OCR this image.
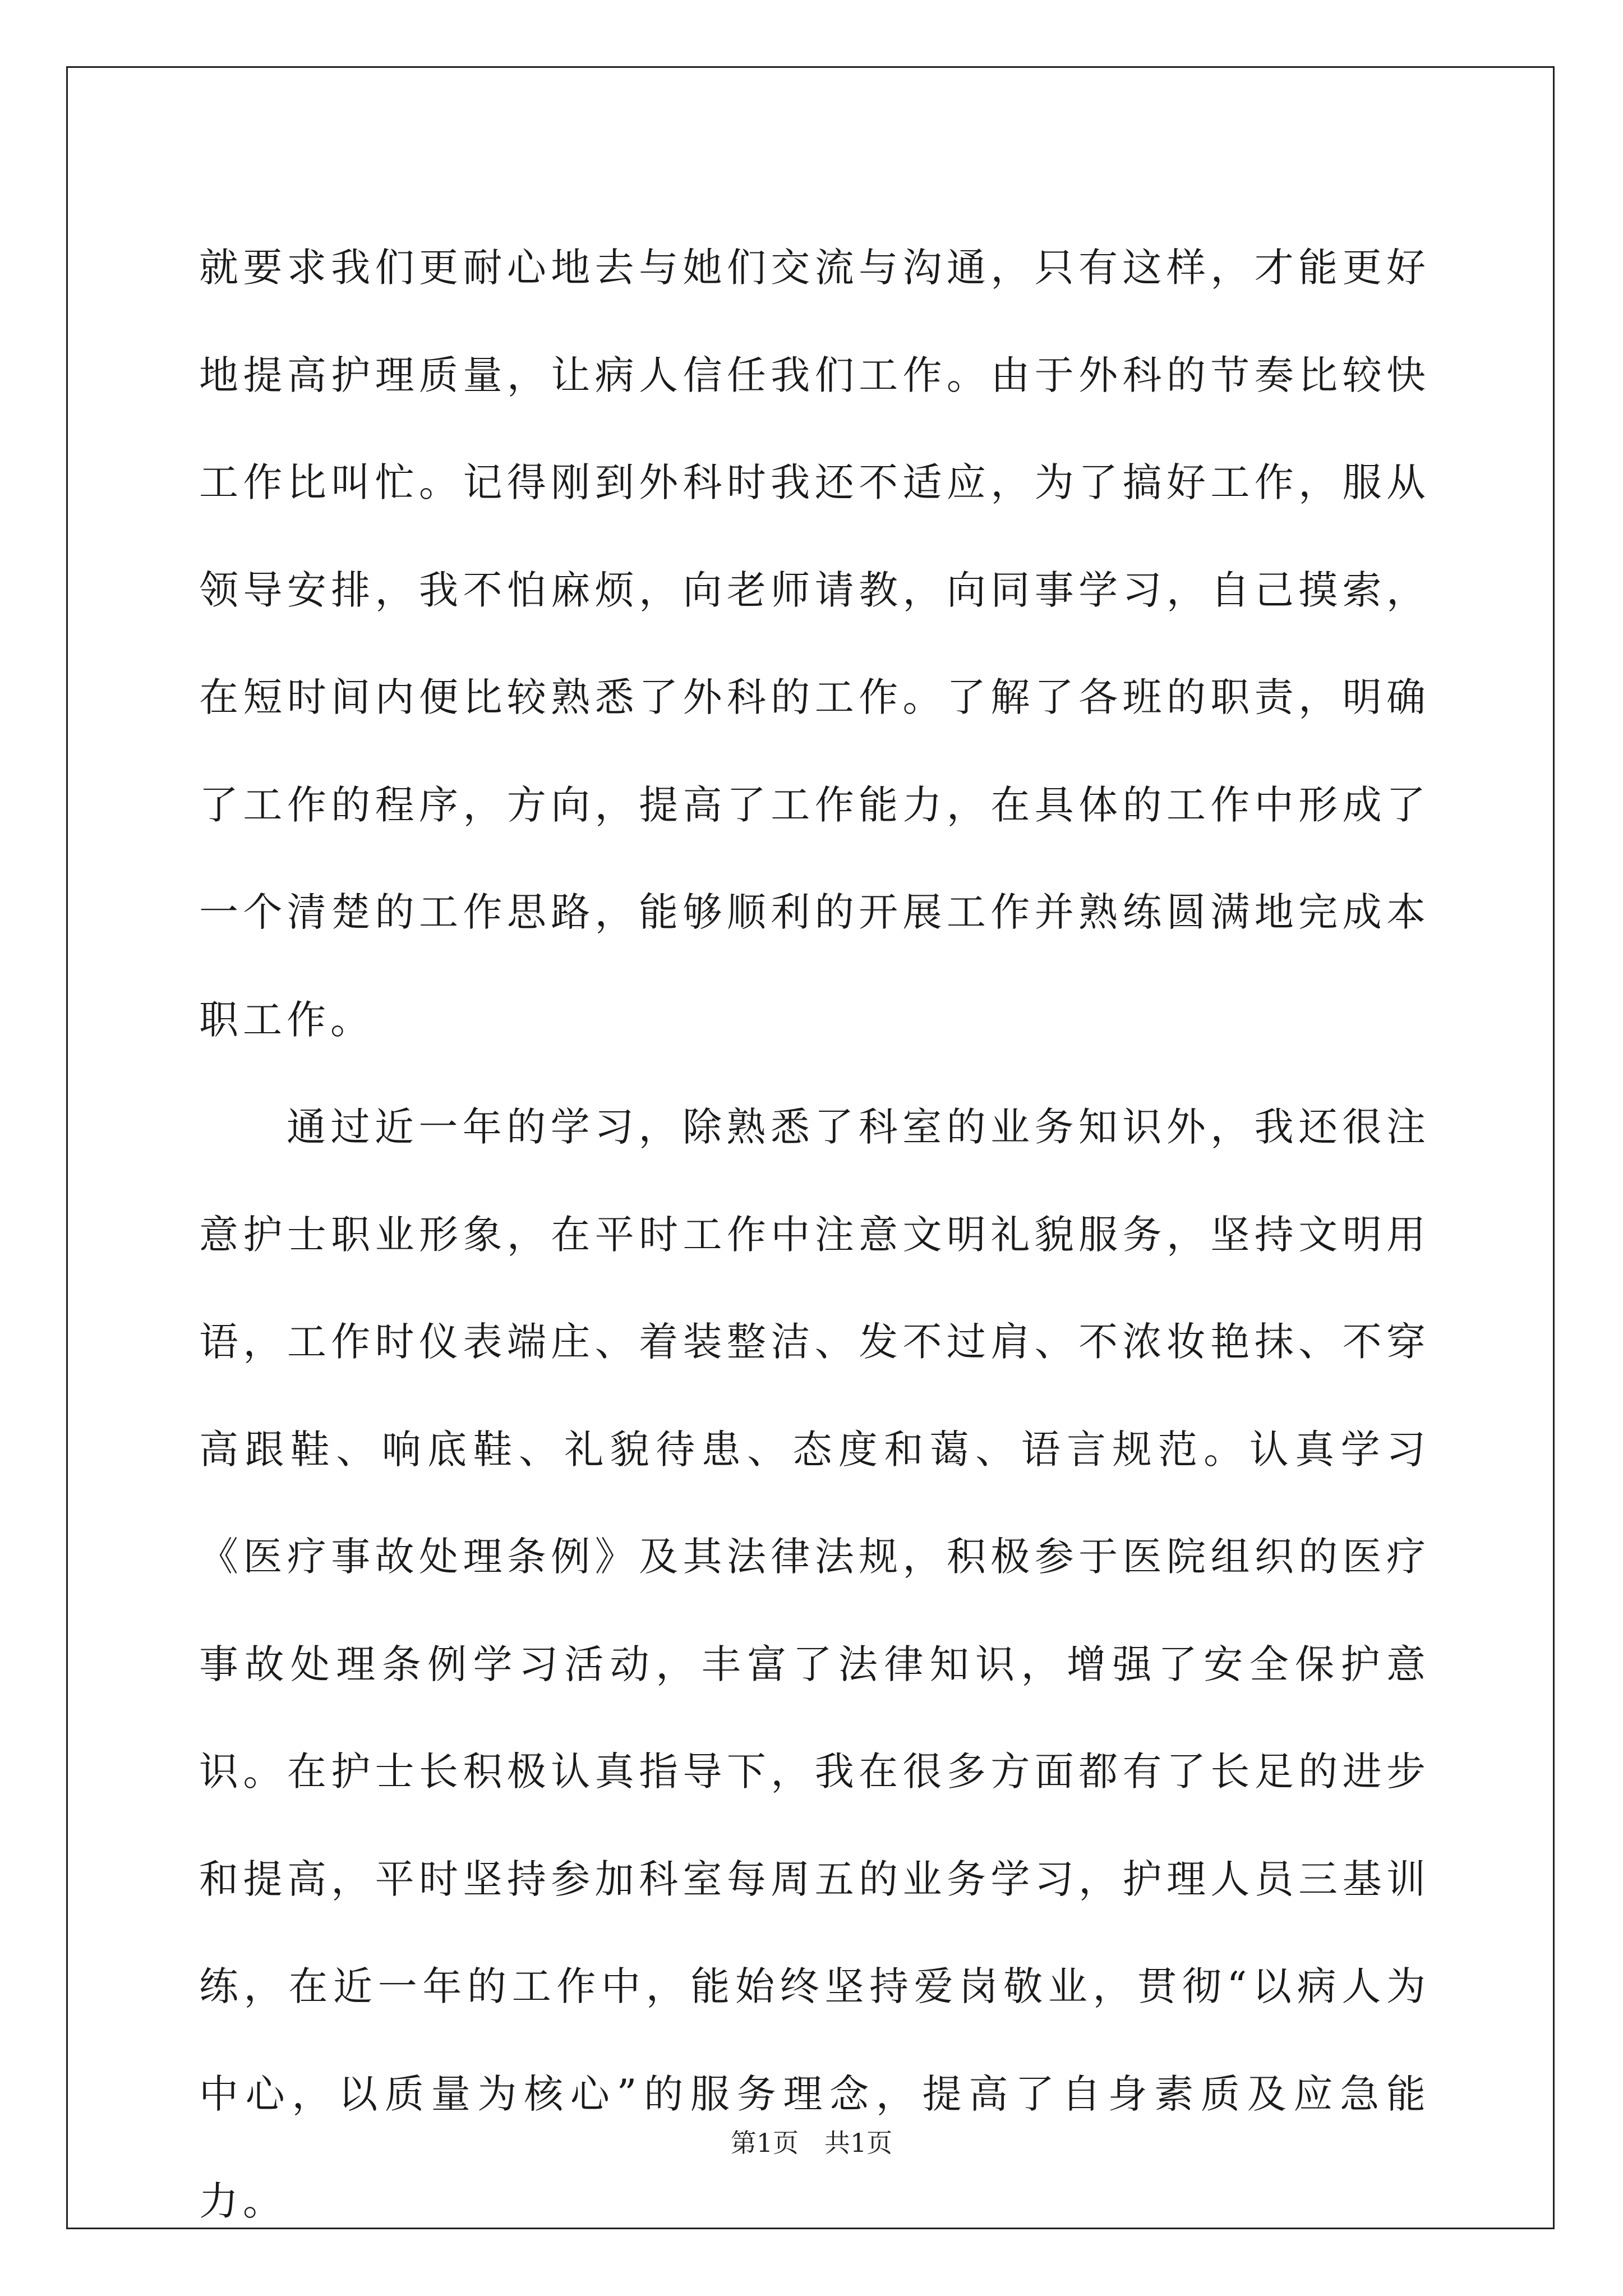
就要求我们更耐心地去与她们交流与沟通，只有这样，才能更好地提高护理质量，让病人信任我们工作。由于外科的节奏比较快工作比叫忙。记得刚到外科时我还不适应，为了搞好工作，服从领导安排，我不怕麻烦，向老师请教，向同事学习，自己摸索，在短时间内便比较熟悉了外科的工作。了解了各班的职责，明确了工作的程序，方向，提高了工作能力，在具体的工作中形成了一个清楚的工作思路，能够顺利的开展工作并熟练圆满地完成本职工作。

通过近一年的学习，除熟悉了科室的业务知识外，我还很注意护士职业形象，在平时工作中注意文明礼貌服务，坚持文明用语，工作时仪表端庄、着装整洁、发不过肩、不浓妆艳抹、不穿高跟鞋、响底鞋、礼貌待患、态度和蔼、语言规范。认真学习《医疗事故处理条例》及其法律法规，积极参于医院组织的医疗事故处理条例学习活动，丰富了法律知识，增强了安全保护意识。在护士长积极认真指导下，我在很多方面都有了长足的进步和提高，平时坚持参加科室每周五的业务学习，护理人员三基训练，在近一年的工作中，能始终坚持爱岗敬业，贯彻“以病人为中心，以质量为核心”的服务理念，提高了自身素质及应急能力。

第1页 共1页
